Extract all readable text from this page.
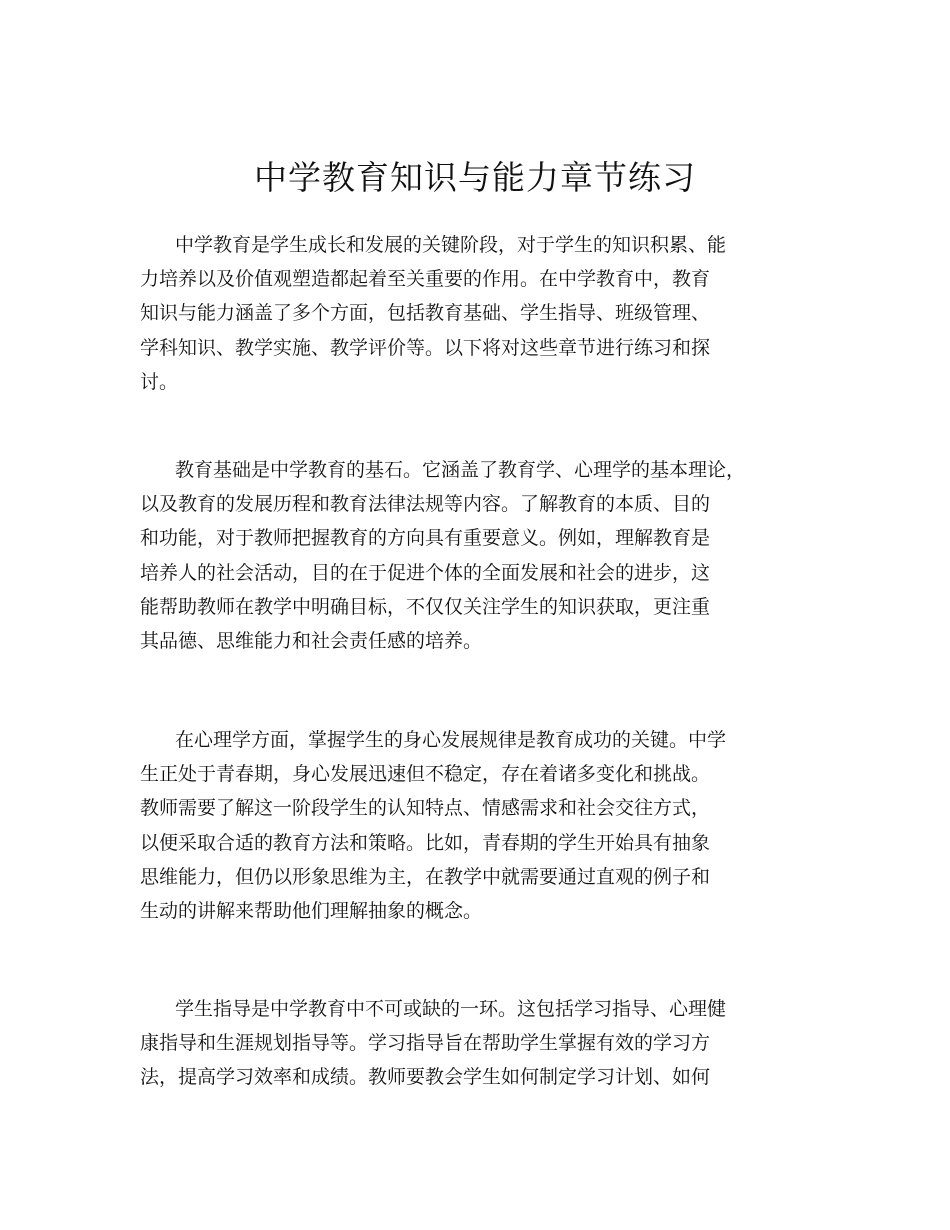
中学教育知识与能力章节练习
中学教育是学生成长和发展的关键阶段，对于学生的知识积累、能
力培养以及价值观塑造都起着至关重要的作用。在中学教育中，教育
知识与能力涵盖了多个方面，包括教育基础、学生指导、班级管理、
学科知识、教学实施、教学评价等。以下将对这些章节进行练习和探
讨。
教育基础是中学教育的基石。它涵盖了教育学、心理学的基本理论，
以及教育的发展历程和教育法律法规等内容。了解教育的本质、目的
和功能，对于教师把握教育的方向具有重要意义。例如，理解教育是
培养人的社会活动，目的在于促进个体的全面发展和社会的进步，这
能帮助教师在教学中明确目标，不仅仅关注学生的知识获取，更注重
其品德、思维能力和社会责任感的培养。
在心理学方面，掌握学生的身心发展规律是教育成功的关键。中学
生正处于青春期，身心发展迅速但不稳定，存在着诸多变化和挑战。
教师需要了解这一阶段学生的认知特点、情感需求和社会交往方式，
以便采取合适的教育方法和策略。比如，青春期的学生开始具有抽象
思维能力，但仍以形象思维为主，在教学中就需要通过直观的例子和
生动的讲解来帮助他们理解抽象的概念。
学生指导是中学教育中不可或缺的一环。这包括学习指导、心理健
康指导和生涯规划指导等。学习指导旨在帮助学生掌握有效的学习方
法，提高学习效率和成绩。教师要教会学生如何制定学习计划、如何
